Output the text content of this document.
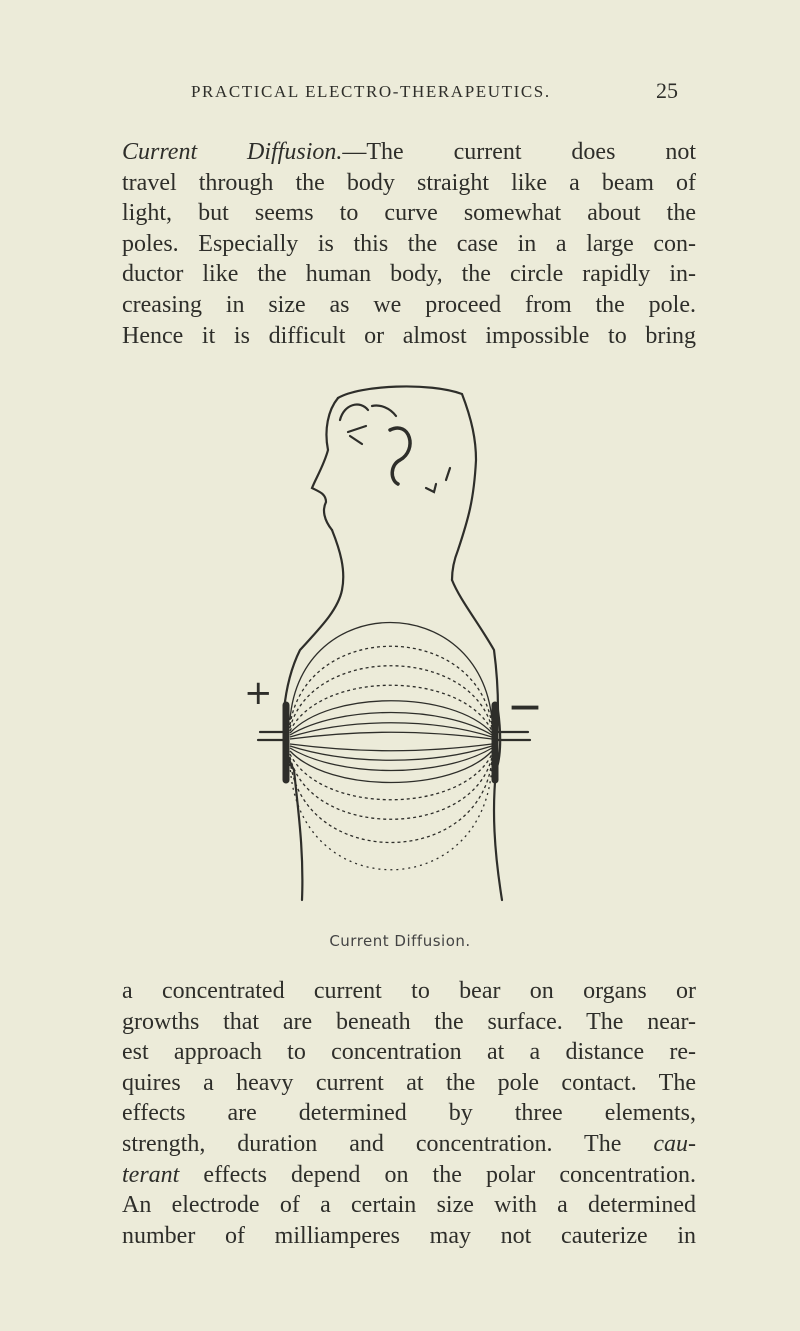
PRACTICAL ELECTRO-THERAPEUTICS.	25
Current Diffusion.—The current does not
travel through the body straight like a beam of
light, but seems to curve somewhat about the
poles. Especially is this the case in a large con-
ductor like the human body, the circle rapidly in-
creasing in size as we proceed from the pole.
Hence it is difficult or almost impossible to bring
+	—
Current Diffusion.
a concentrated current to bear on organs or
growths that are beneath the surface. The near-
est approach to concentration at a distance re-
quires a heavy current at the pole contact. The
effects are determined by three elements,
strength, duration and concentration. The cau-
terant effects depend on the polar concentration.
An electrode of a certain size with a determined
number of milliamperes may not cauterize in
